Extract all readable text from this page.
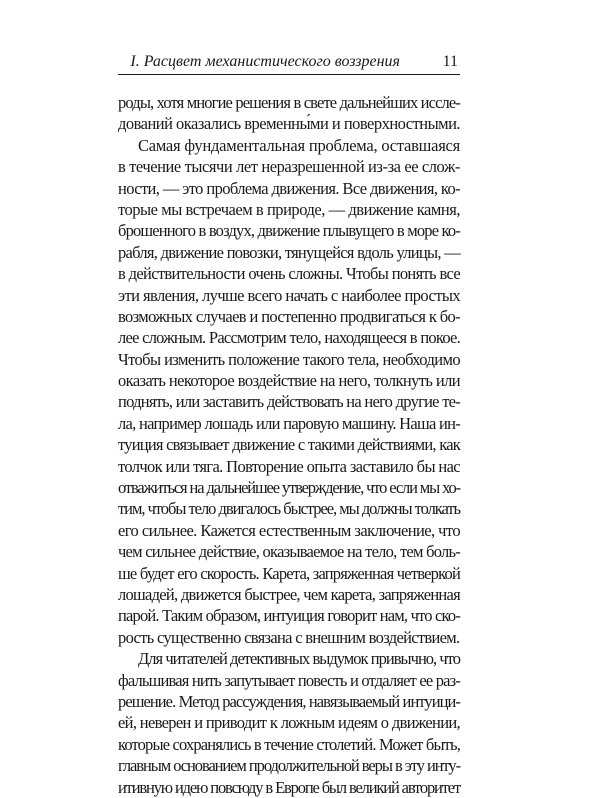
I. Расцвет механистического воззрения	11
роды, хотя многие решения в свете дальнейших иссле-
дований оказались временны́ми и поверхностными.
Самая фундаментальная проблема, оставшаяся
в течение тысячи лет неразрешенной из-за ее слож-
ности, — это проблема движения. Все движения, ко-
торые мы встречаем в природе, — движение камня,
брошенного в воздух, движение плывущего в море ко-
рабля, движение повозки, тянущейся вдоль улицы, —
в действительности очень сложны. Чтобы понять все
эти явления, лучше всего начать с наиболее простых
возможных случаев и постепенно продвигаться к бо-
лее сложным. Рассмотрим тело, находящееся в покое.
Чтобы изменить положение такого тела, необходимо
оказать некоторое воздействие на него, толкнуть или
поднять, или заставить действовать на него другие те-
ла, например лошадь или паровую машину. Наша ин-
туиция связывает движение с такими действиями, как
толчок или тяга. Повторение опыта заставило бы нас
отважиться на дальнейшее утверждение, что если мы хо-
тим, чтобы тело двигалось быстрее, мы должны толкать
его сильнее. Кажется естественным заключение, что
чем сильнее действие, оказываемое на тело, тем боль-
ше будет его скорость. Карета, запряженная четверкой
лошадей, движется быстрее, чем карета, запряженная
парой. Таким образом, интуиция говорит нам, что ско-
рость существенно связана с внешним воздействием.
Для читателей детективных выдумок привычно, что
фальшивая нить запутывает повесть и отдаляет ее раз-
решение. Метод рассуждения, навязываемый интуици-
ей, неверен и приводит к ложным идеям о движении,
которые сохранялись в течение столетий. Может быть,
главным основанием продолжительной веры в эту инту-
итивную идею повсюду в Европе был великий авторитет
